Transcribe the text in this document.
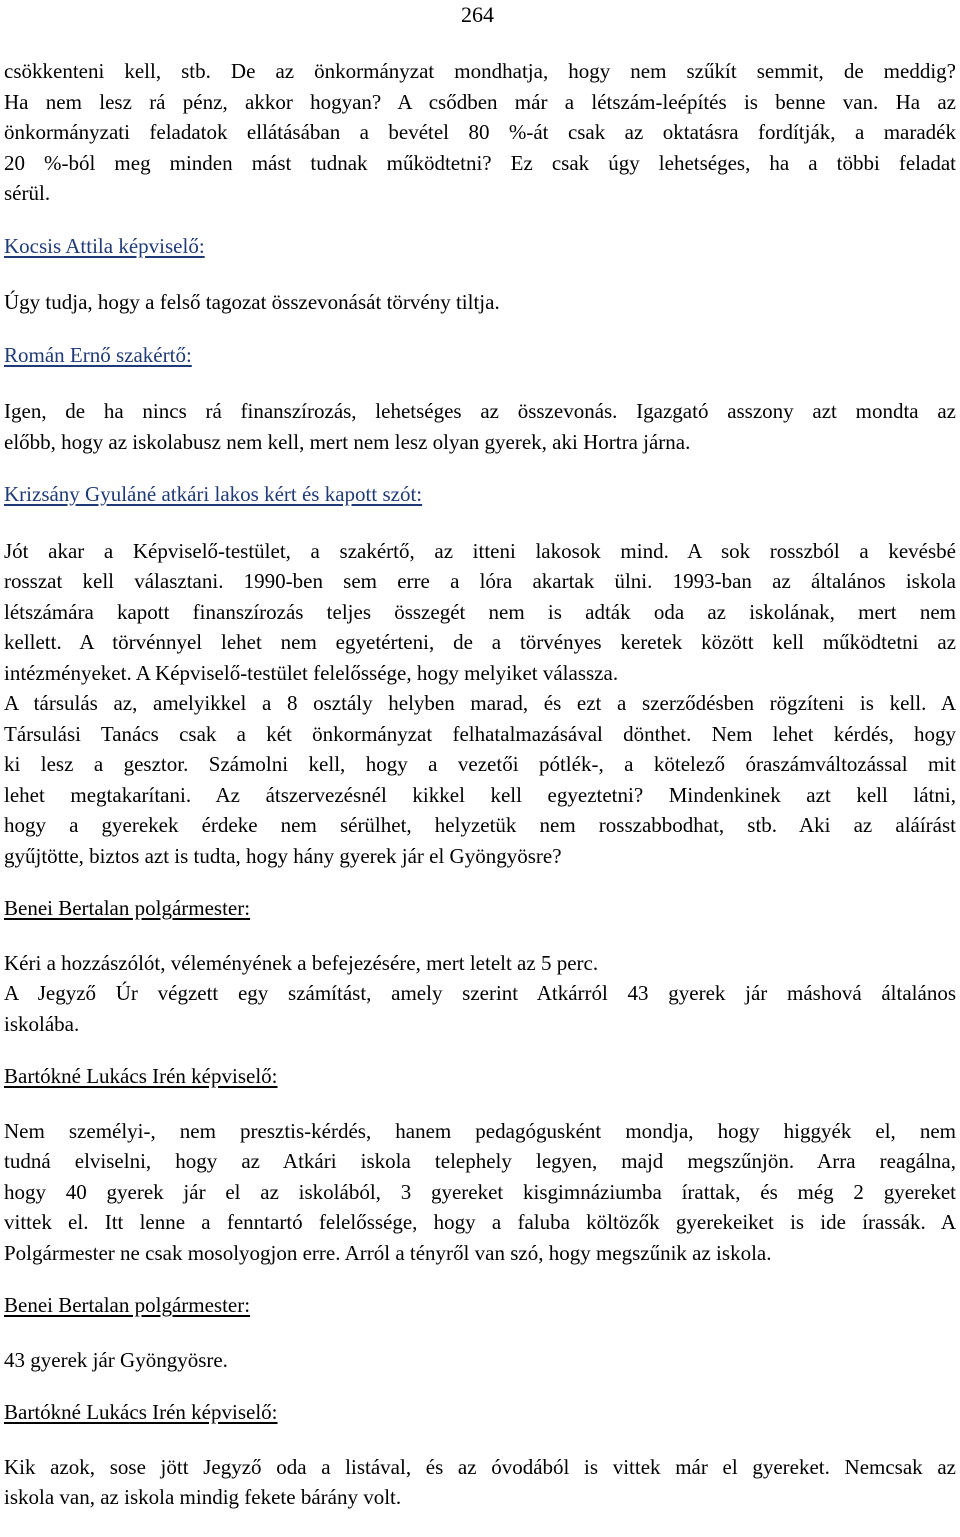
264

csökkenteni kell, stb. De az önkormányzat mondhatja, hogy nem szűkít semmit, de meddig?
Ha nem lesz rá pénz, akkor hogyan? A csődben már a létszám-leépítés is benne van. Ha az
önkormányzati feladatok ellátásában a bevétel 80 %-át csak az oktatásra fordítják, a maradék
20 %-ból meg minden mást tudnak működtetni? Ez csak úgy lehetséges, ha a többi feladat
sérül.

Kocsis Attila képviselő:

Úgy tudja, hogy a felső tagozat összevonását törvény tiltja.

Román Ernő szakértő:

Igen, de ha nincs rá finanszírozás, lehetséges az összevonás. Igazgató asszony azt mondta az
előbb, hogy az iskolabusz nem kell, mert nem lesz olyan gyerek, aki Hortra járna.

Krizsány Gyuláné atkári lakos kért és kapott szót:

Jót akar a Képviselő-testület, a szakértő, az itteni lakosok mind. A sok rosszból a kevésbé
rosszat kell választani. 1990-ben sem erre a lóra akartak ülni. 1993-ban az általános iskola
létszámára kapott finanszírozás teljes összegét nem is adták oda az iskolának, mert nem
kellett. A törvénnyel lehet nem egyetérteni, de a törvényes keretek között kell működtetni az
intézményeket. A Képviselő-testület felelőssége, hogy melyiket válassza.
A társulás az, amelyikkel a 8 osztály helyben marad, és ezt a szerződésben rögzíteni is kell. A
Társulási Tanács csak a két önkormányzat felhatalmazásával dönthet. Nem lehet kérdés, hogy
ki lesz a gesztor. Számolni kell, hogy a vezetői pótlék-, a kötelező óraszámváltozással mit
lehet megtakarítani. Az átszervezésnél kikkel kell egyeztetni? Mindenkinek azt kell látni,
hogy a gyerekek érdeke nem sérülhet, helyzetük nem rosszabbodhat, stb. Aki az aláírást
gyűjtötte, biztos azt is tudta, hogy hány gyerek jár el Gyöngyösre?

Benei Bertalan polgármester:

Kéri a hozzászólót, véleményének a befejezésére, mert letelt az 5 perc.
A Jegyző Úr végzett egy számítást, amely szerint Atkárról 43 gyerek jár máshová általános
iskolába.

Bartókné Lukács Irén képviselő:

Nem személyi-, nem presztis-kérdés, hanem pedagógusként mondja, hogy higgyék el, nem
tudná elviselni, hogy az Atkári iskola telephely legyen, majd megszűnjön. Arra reagálna,
hogy 40 gyerek jár el az iskolából, 3 gyereket kisgimnáziumba írattak, és még 2 gyereket
vittek el. Itt lenne a fenntartó felelőssége, hogy a faluba költözők gyerekeiket is ide írassák. A
Polgármester ne csak mosolyogjon erre. Arról a tényről van szó, hogy megszűnik az iskola.

Benei Bertalan polgármester:

43 gyerek jár Gyöngyösre.

Bartókné Lukács Irén képviselő:

Kik azok, sose jött Jegyző oda a listával, és az óvodából is vittek már el gyereket. Nemcsak az
iskola van, az iskola mindig fekete bárány volt.
